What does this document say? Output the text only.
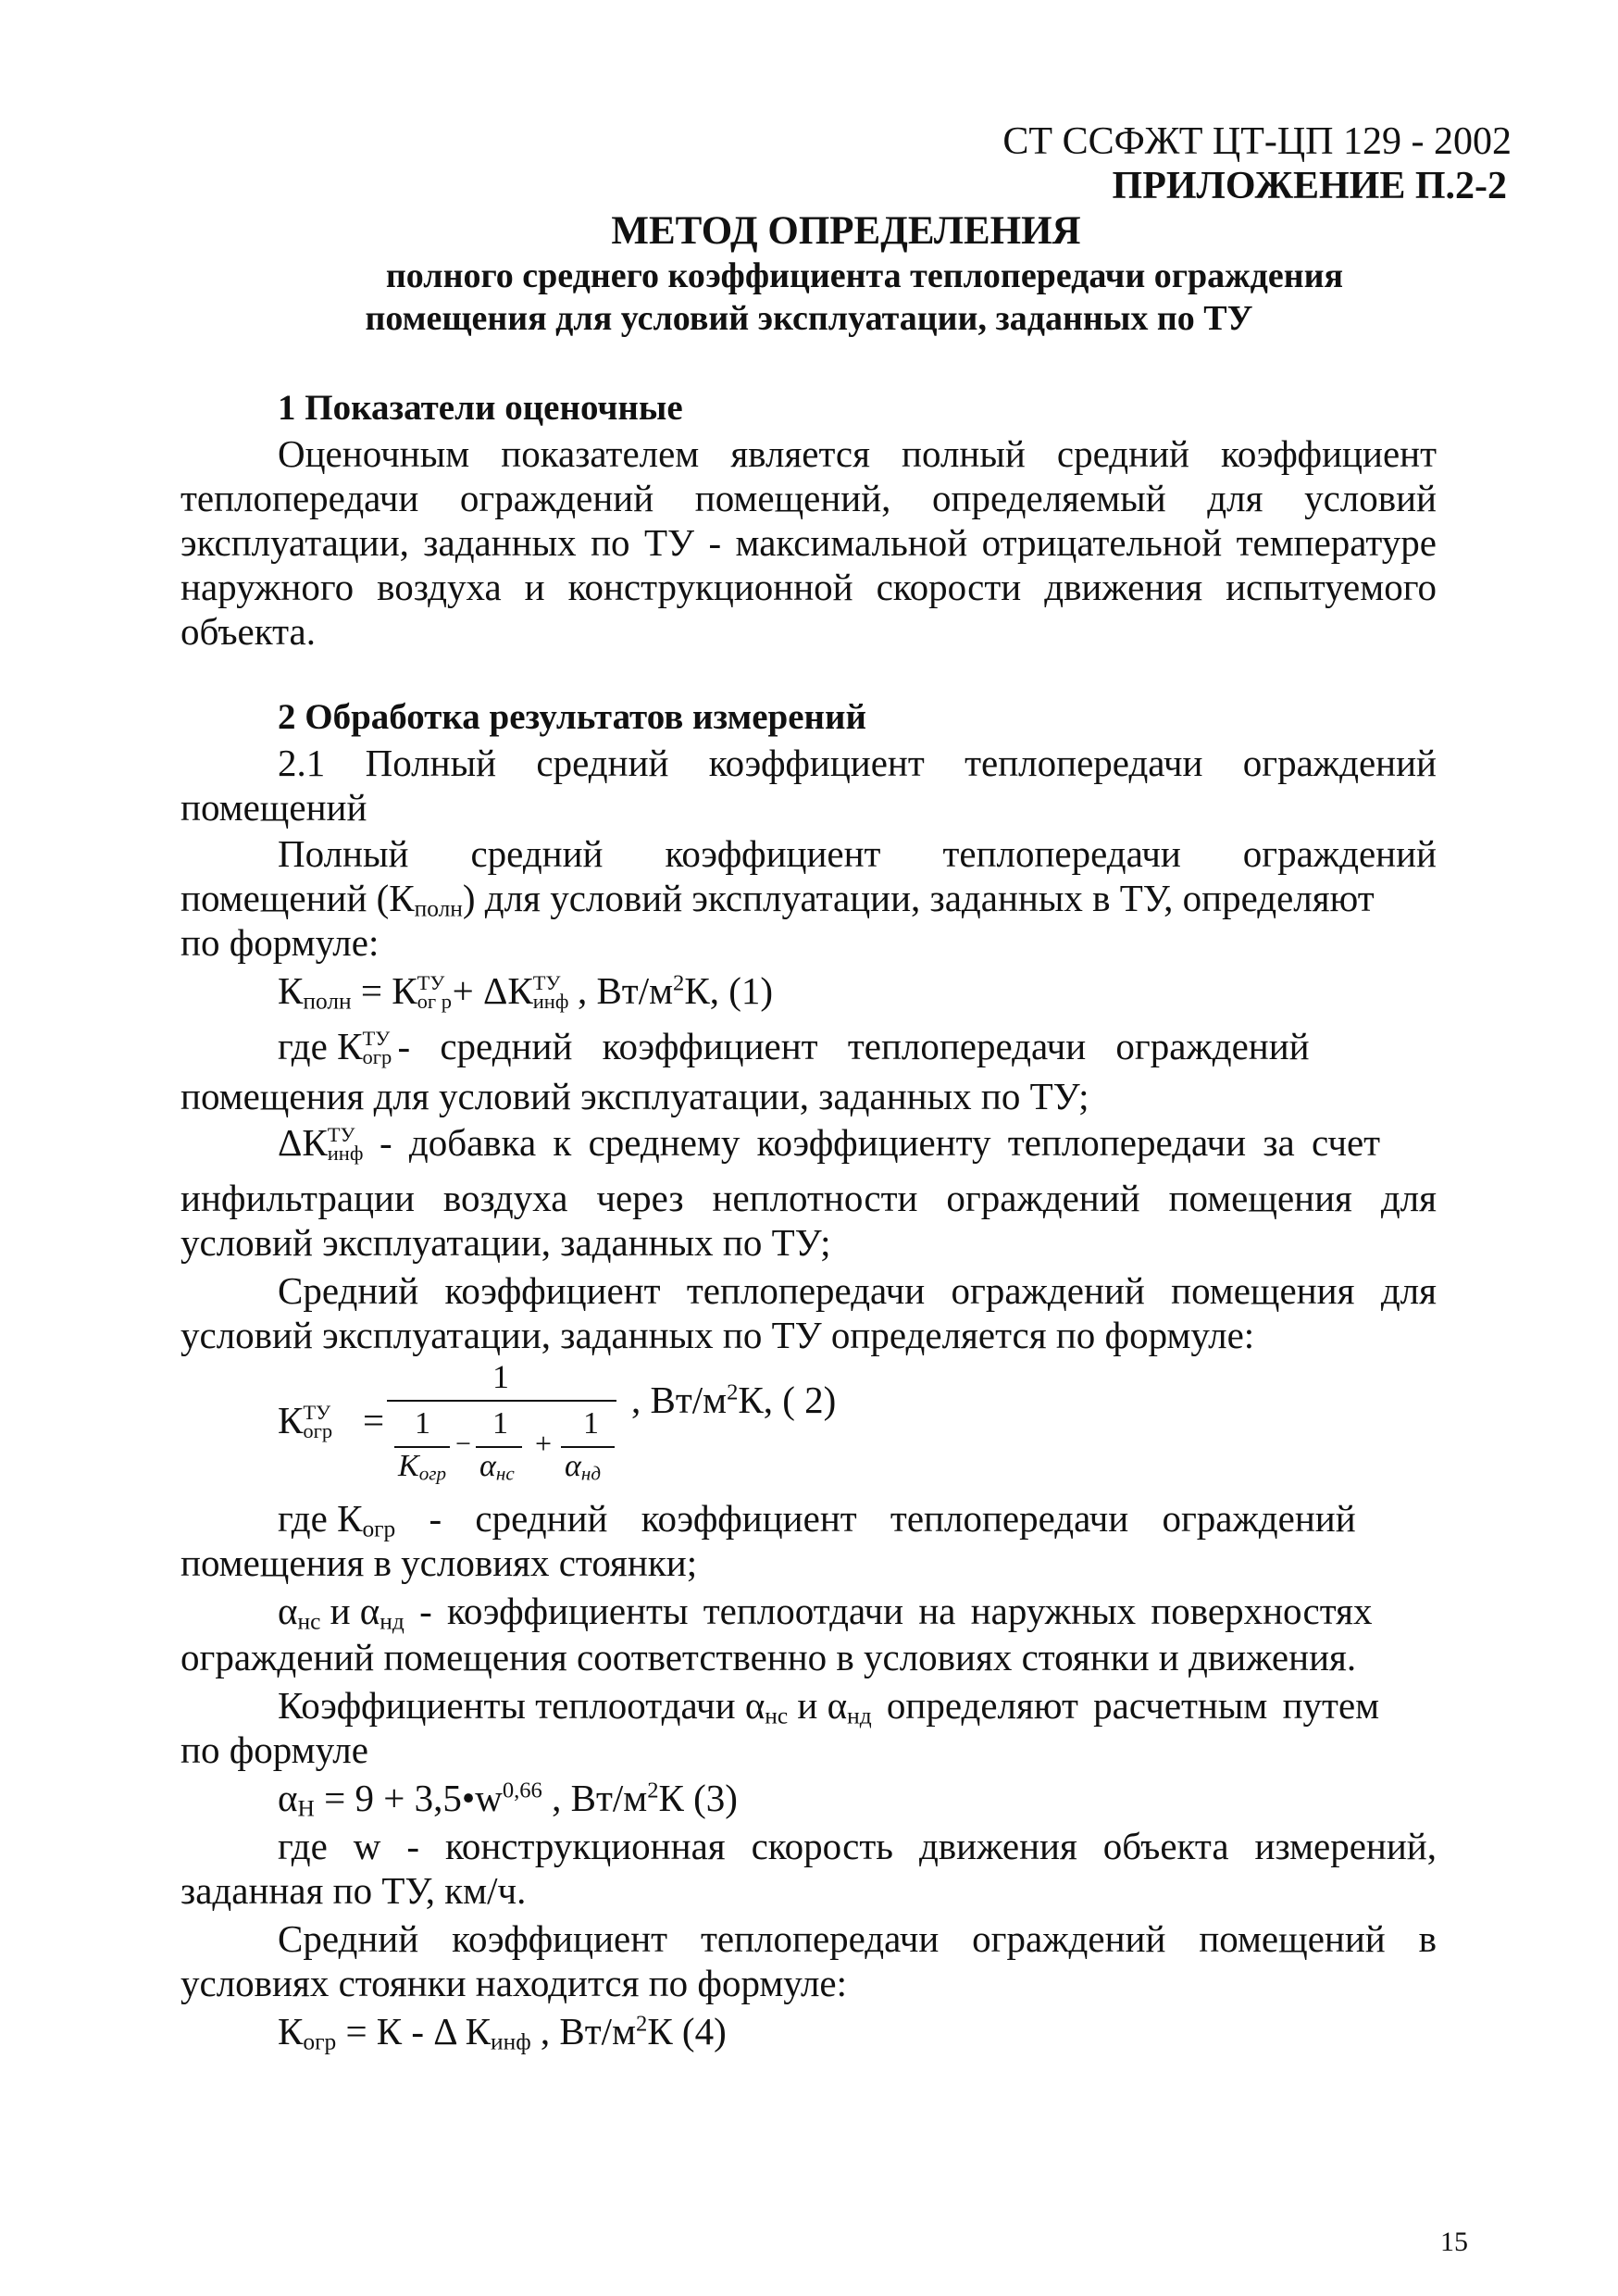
СТ ССФЖТ ЦТ-ЦП 129 - 2002
ПРИЛОЖЕНИЕ П.2-2
МЕТОД ОПРЕДЕЛЕНИЯ
полного среднего коэффициента теплопередачи ограждения
помещения для условий эксплуатации, заданных по ТУ
1 Показатели оценочные
Оценочным показателем является полный средний коэффициент
теплопередачи ограждений помещений, определяемый для условий
эксплуатации, заданных по ТУ - максимальной отрицательной температуре
наружного воздуха и конструкционной скорости движения испытуемого
объекта.
2 Обработка результатов измерений
2.1 Полный средний коэффициент теплопередачи ограждений
помещений
Полный средний коэффициент теплопередачи ограждений
помещений $(К_{полн})$ для условий эксплуатации, заданных в ТУ, определяют
по формуле:
$К_{полн} = К$ ТУ
ог р + ΔК ТУ
инф , $Вт/м^2К$, (1)
где К ТУ
огр - средний коэффициент теплопередачи ограждений
помещения для условий эксплуатации, заданных по ТУ;
ΔК ТУ
инф - добавка к среднему коэффициенту теплопередачи за счет
инфильтрации воздуха через неплотности ограждений помещения для
условий эксплуатации, заданных по ТУ;
Средний коэффициент теплопередачи ограждений помещения для
условий эксплуатации, заданных по ТУ определяется по формуле:
К ТУ
огр =
1
1
$K_{огр}$
−
1
$\alpha_{нс}$
+
1
$\alpha_{нд}$
, $Вт/м^2К$, ( 2)
где $К_{огр}$ - средний коэффициент теплопередачи ограждений
помещения в условиях стоянки;
$\alpha_{нс}$ и $\alpha_{нд}$ - коэффициенты теплоотдачи на наружных поверхностях
ограждений помещения соответственно в условиях стоянки и движения.
Коэффициенты теплоотдачи $\alpha_{нс}$ и $\alpha_{нд}$ определяют расчетным путем
по формуле
$\alpha_Н = 9$ + $3,5•w^{0,66}$ , $Вт/м^2К$ (3)
где w - конструкционная скорость движения объекта измерений,
заданная по ТУ, км/ч.
Средний коэффициент теплопередачи ограждений помещений в
условиях стоянки находится по формуле:
$К_{огр} = К - \Delta$ $К_{инф}$ , $Вт/м^2К$ (4)
15
